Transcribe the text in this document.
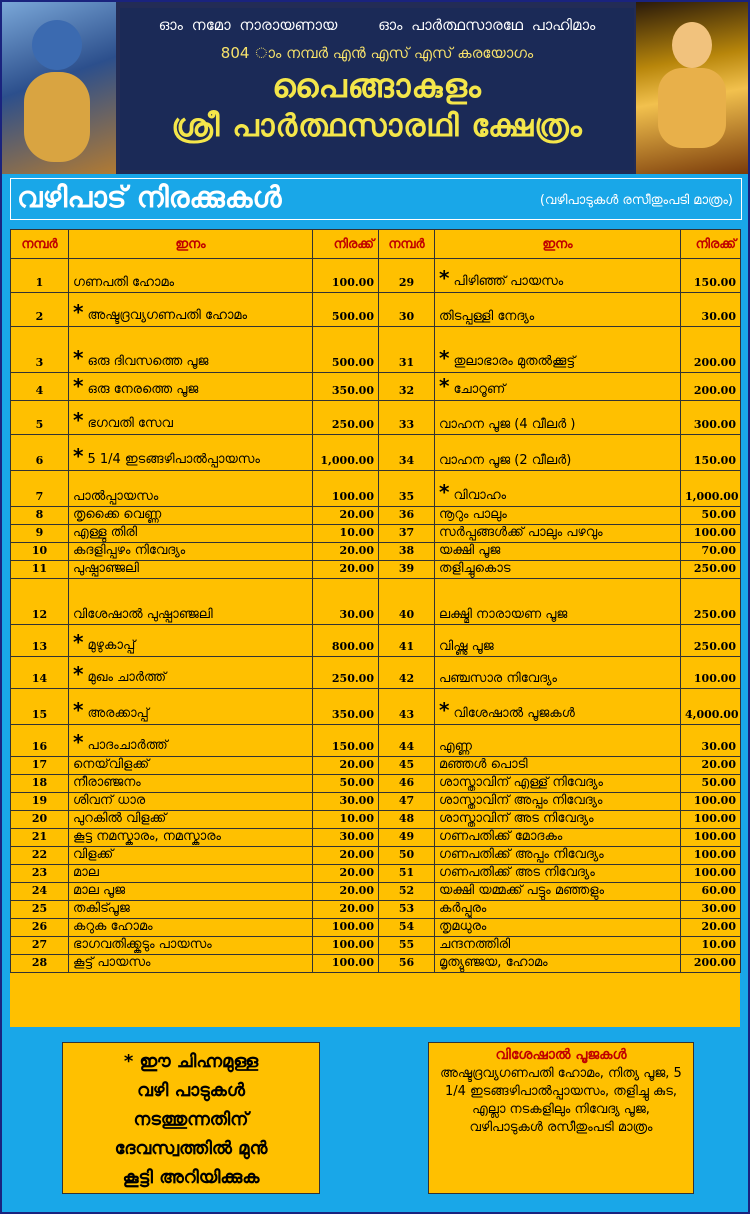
ഓം നമോ നാരായണായ	ഓം പാർത്ഥസാരഥേ പാഹിമാം
804 ാം നമ്പർ എൻ എസ് എസ് കരയോഗം
പൈങ്ങാകുളം
ശ്രീ പാർത്ഥസാരഥി ക്ഷേത്രം
വഴിപാട് നിരക്കുകൾ	(വഴിപാടുകൾ രസീതുംപടി മാത്രം)
നമ്പർ	ഇനം	നിരക്ക്	നമ്പർ	ഇനം	നിരക്ക്
1	ഗണപതി ഹോമം	100.00	29	* പിഴിഞ്ഞ് പായസം	150.00
2	* അഷ്ടദ്രവ്യഗണപതി ഹോമം	500.00	30	തിടപ്പള്ളി നേദ്യം	30.00
3	* ഒരു ദിവസത്തെ പൂജ	500.00	31	* തുലാഭാരം മുതൽക്കൂട്ട്	200.00
4	* ഒരു നേരത്തെ പൂജ	350.00	32	* ചോറൂണ്	200.00
5	* ഭഗവതി സേവ	250.00	33	വാഹന പൂജ (4 വീലർ )	300.00
6	* 5 1/4 ഇടങ്ങഴിപാൽപ്പായസം	1,000.00	34	വാഹന പൂജ (2 വീലർ)	150.00
7	പാൽപ്പായസം	100.00	35	* വിവാഹം	1,000.00
8	തൃക്കൈ വെണ്ണ	20.00	36	നൂറും പാലും	50.00
9	എള്ളു തിരി	10.00	37	സർപ്പങ്ങൾക്ക് പാലും പഴവും	100.00
10	കദളിപ്പഴം നിവേദ്യം	20.00	38	യക്ഷി പൂജ	70.00
11	പുഷ്പാഞ്ജലി	20.00	39	തളിച്ചുകൊട	250.00
12	വിശേഷാൽ പുഷ്പാഞ്ജലി	30.00	40	ലക്ഷ്മി നാരായണ പൂജ	250.00
13	* മുഴുകാപ്പ്	800.00	41	വിഷ്ണു പൂജ	250.00
14	* മുഖം ചാർത്ത്	250.00	42	പഞ്ചസാര നിവേദ്യം	100.00
15	* അരക്കാപ്പ്	350.00	43	* വിശേഷാൽ പൂജകൾ	4,000.00
16	* പാദംചാർത്ത്	150.00	44	എണ്ണ	30.00
17	നെയ്‌വിളക്ക്	20.00	45	മഞ്ഞൾ പൊടി	20.00
18	നീരാഞ്ജനം	50.00	46	ശാസ്താവിന് എള്ള് നിവേദ്യം	50.00
19	ശിവന് ധാര	30.00	47	ശാസ്താവിന് അപ്പം നിവേദ്യം	100.00
20	പുറകിൽ വിളക്ക്	10.00	48	ശാസ്താവിന് അട നിവേദ്യം	100.00
21	കൂട്ട നമസ്കാരം, നമസ്കാരം	30.00	49	ഗണപതിക്ക് മോദകം	100.00
22	വിളക്ക്	20.00	50	ഗണപതിക്ക് അപ്പം നിവേദ്യം	100.00
23	മാല	20.00	51	ഗണപതിക്ക് അട നിവേദ്യം	100.00
24	മാല പൂജ	20.00	52	യക്ഷി യമ്മക്ക് പട്ടും മഞ്ഞളും	60.00
25	തകിട്പൂജ	20.00	53	കർപ്പൂരം	30.00
26	കറുക ഹോമം	100.00	54	തൃമധുരം	20.00
27	ഭാഗവതിക്ക്കടും പായസം	100.00	55	ചന്ദനത്തിരി	10.00
28	കൂട്ട് പായസം	100.00	56	മൃത്യുഞ്ജയ, ഹോമം	200.00
* ഈ ചിഹ്നമുള്ള
വഴി പാടുകൾ
നടത്തുന്നതിന്
ദേവസ്വത്തിൽ മുൻ
കൂട്ടി അറിയിക്കുക
വിശേഷാൽ പൂജകൾ
അഷ്ടദ്രവ്യഗണപതി ഹോമം, നിത്യ പൂജ, 5 1/4 ഇടങ്ങഴിപാൽപ്പായസം, തളിച്ചു കുട, എല്ലാ നടകളിലും നിവേദ്യ പൂജ, വഴിപാടുകൾ രസീതുംപടി മാത്രം
